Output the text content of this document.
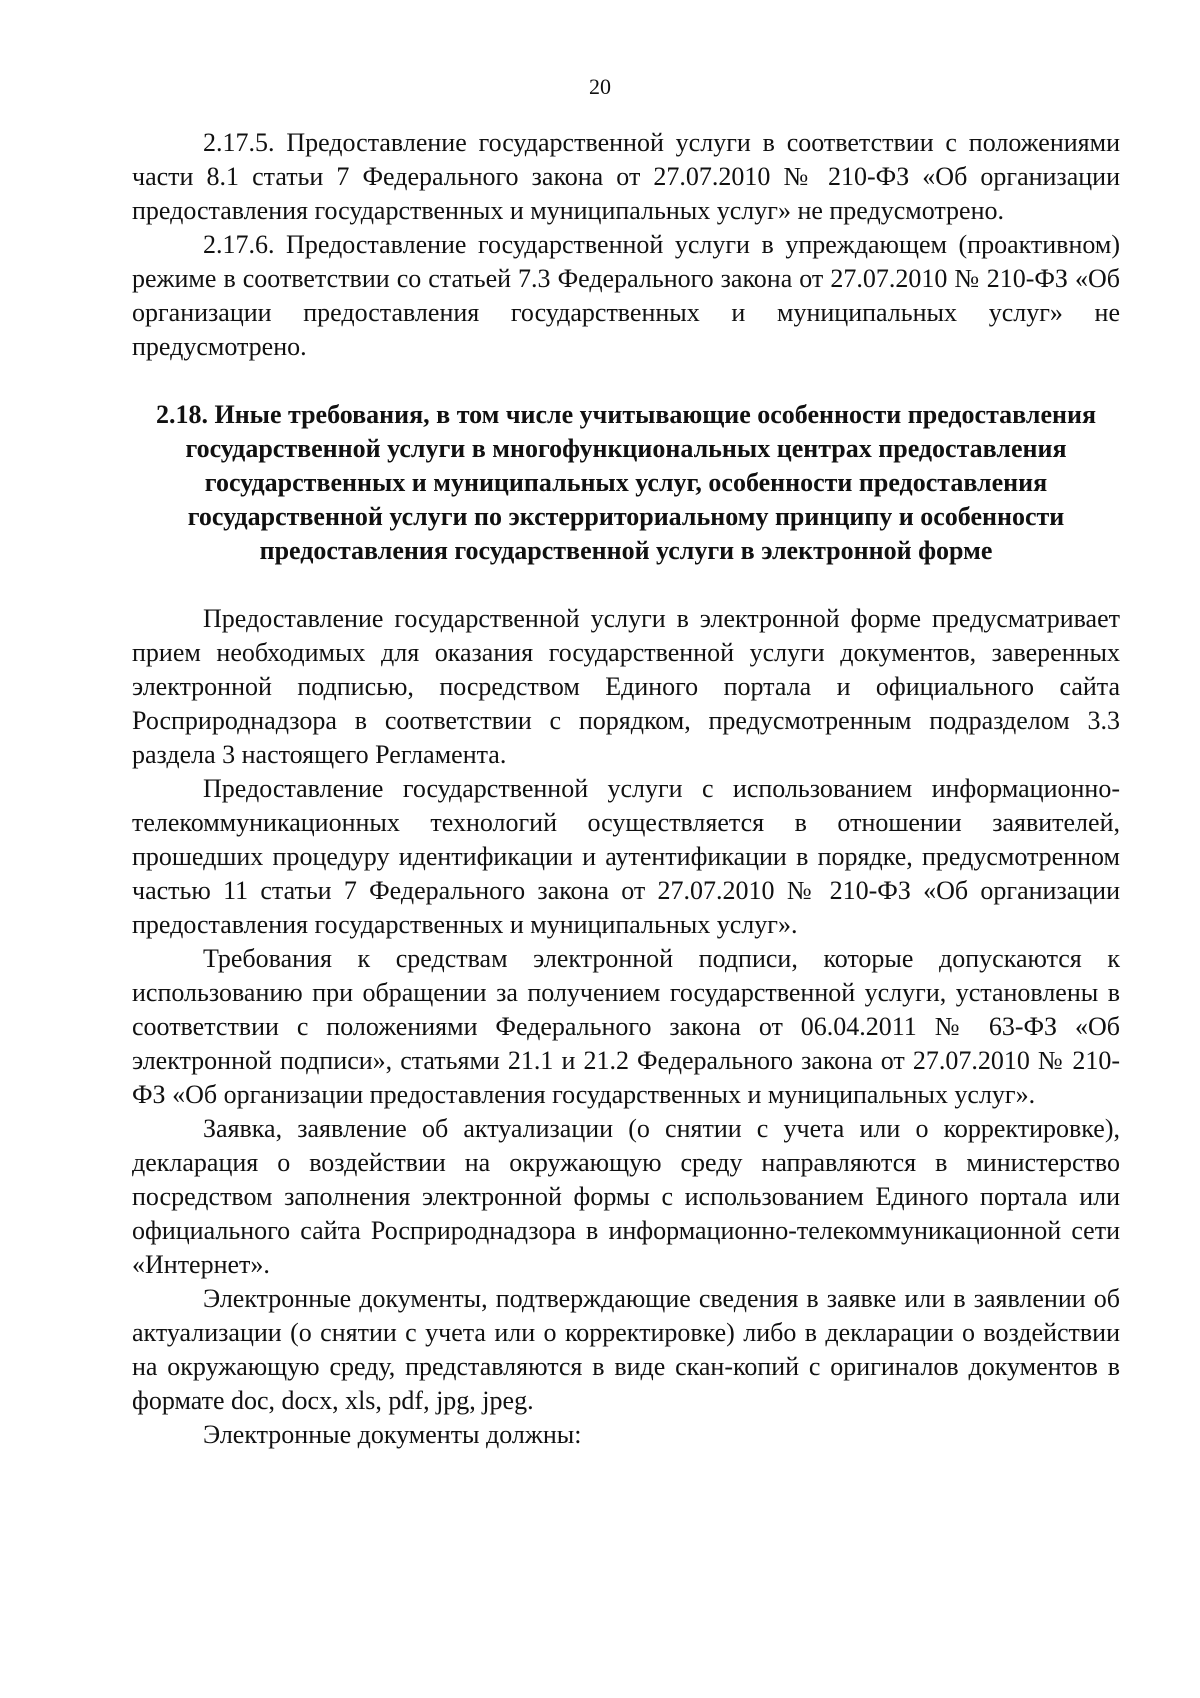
20

2.17.5. Предоставление государственной услуги в соответствии с положениями части 8.1 статьи 7 Федерального закона от 27.07.2010 № 210-ФЗ «Об организации предоставления государственных и муниципальных услуг» не предусмотрено.

2.17.6. Предоставление государственной услуги в упреждающем (проактивном) режиме в соответствии со статьей 7.3 Федерального закона от 27.07.2010 № 210-ФЗ «Об организации предоставления государственных и муниципальных услуг» не предусмотрено.

2.18. Иные требования, в том числе учитывающие особенности предоставления государственной услуги в многофункциональных центрах предоставления государственных и муниципальных услуг, особенности предоставления государственной услуги по экстерриториальному принципу и особенности предоставления государственной услуги в электронной форме

Предоставление государственной услуги в электронной форме предусматривает прием необходимых для оказания государственной услуги документов, заверенных электронной подписью, посредством Единого портала и официального сайта Росприроднадзора в соответствии с порядком, предусмотренным подразделом 3.3 раздела 3 настоящего Регламента.

Предоставление государственной услуги с использованием информационно-телекоммуникационных технологий осуществляется в отношении заявителей, прошедших процедуру идентификации и аутентификации в порядке, предусмотренном частью 11 статьи 7 Федерального закона от 27.07.2010 № 210-ФЗ «Об организации предоставления государственных и муниципальных услуг».

Требования к средствам электронной подписи, которые допускаются к использованию при обращении за получением государственной услуги, установлены в соответствии с положениями Федерального закона от 06.04.2011 № 63-ФЗ «Об электронной подписи», статьями 21.1 и 21.2 Федерального закона от 27.07.2010 № 210-ФЗ «Об организации предоставления государственных и муниципальных услуг».

Заявка, заявление об актуализации (о снятии с учета или о корректировке), декларация о воздействии на окружающую среду направляются в министерство посредством заполнения электронной формы с использованием Единого портала или официального сайта Росприроднадзора в информационно-телекоммуникационной сети «Интернет».

Электронные документы, подтверждающие сведения в заявке или в заявлении об актуализации (о снятии с учета или о корректировке) либо в декларации о воздействии на окружающую среду, представляются в виде скан-копий с оригиналов документов в формате doc, docx, xls, pdf, jpg, jpeg.

Электронные документы должны:
